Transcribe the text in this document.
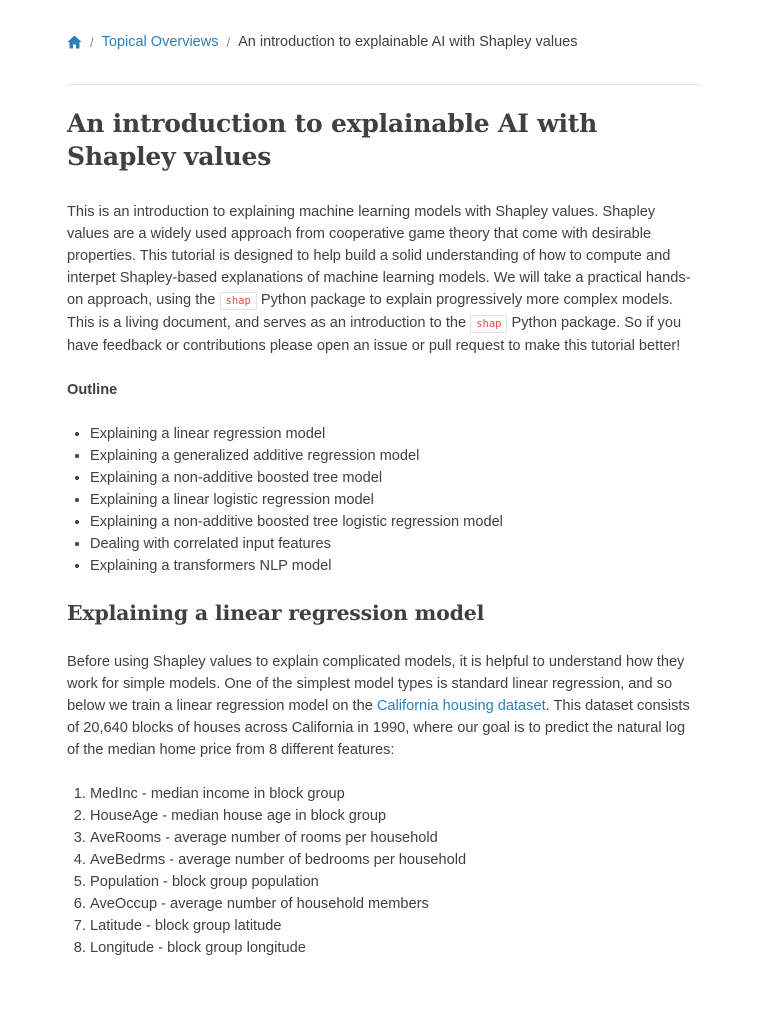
/ Topical Overviews / An introduction to explainable AI with Shapley values
An introduction to explainable AI with Shapley values

This is an introduction to explaining machine learning models with Shapley values. Shapley values are a widely used approach from cooperative game theory that come with desirable properties. This tutorial is designed to help build a solid understanding of how to compute and interpet Shapley-based explanations of machine learning models. We will take a practical hands-on approach, using the shap Python package to explain progressively more complex models. This is a living document, and serves as an introduction to the shap Python package. So if you have feedback or contributions please open an issue or pull request to make this tutorial better!

Outline

• Explaining a linear regression model
• Explaining a generalized additive regression model
• Explaining a non-additive boosted tree model
• Explaining a linear logistic regression model
• Explaining a non-additive boosted tree logistic regression model
• Dealing with correlated input features
• Explaining a transformers NLP model
Explaining a linear regression model

Before using Shapley values to explain complicated models, it is helpful to understand how they work for simple models. One of the simplest model types is standard linear regression, and so below we train a linear regression model on the California housing dataset. This dataset consists of 20,640 blocks of houses across California in 1990, where our goal is to predict the natural log of the median home price from 8 different features:

1. MedInc - median income in block group
2. HouseAge - median house age in block group
3. AveRooms - average number of rooms per household
4. AveBedrms - average number of bedrooms per household
5. Population - block group population
6. AveOccup - average number of household members
7. Latitude - block group latitude
8. Longitude - block group longitude
